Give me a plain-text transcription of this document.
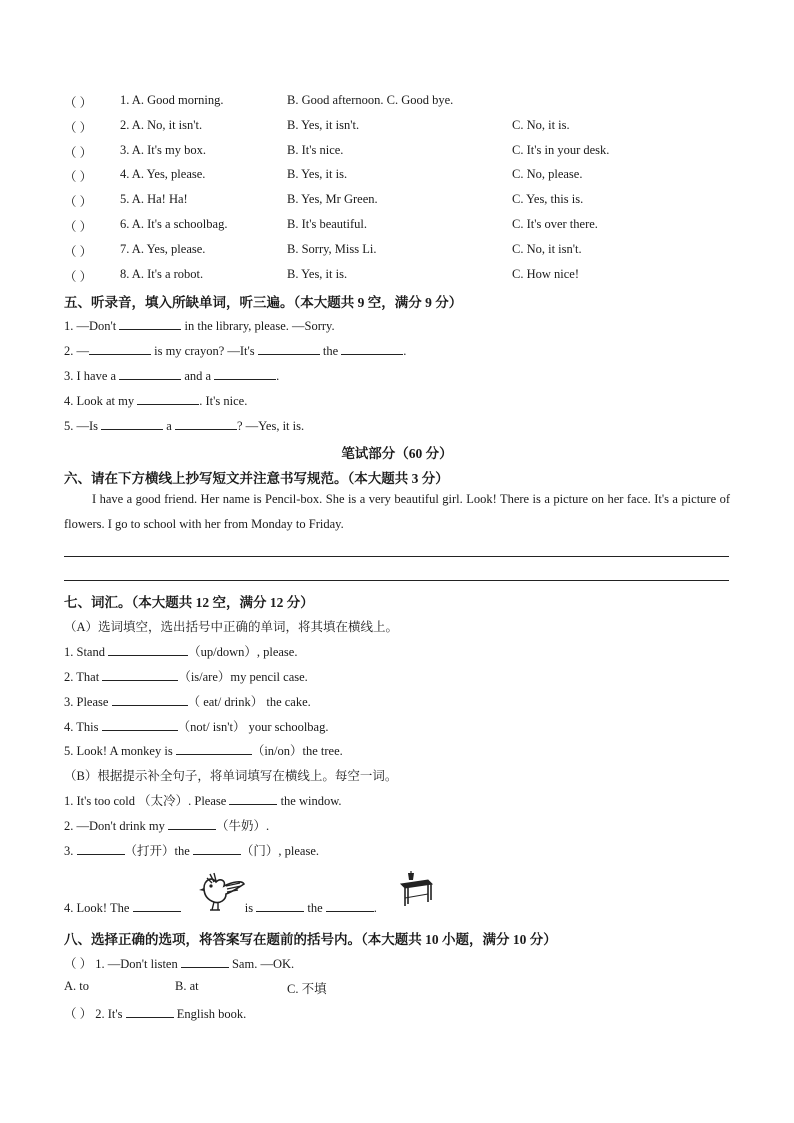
（ ） 1. A. Good morning.	B. Good afternoon. C. Good bye.
（ ） 2. A. No, it isn't.	B. Yes, it isn't.	C. No, it is.
（ ） 3. A. It's my box.	B. It's nice.	C. It's in your desk.
（ ） 4. A. Yes, please.	B. Yes, it is.	C. No, please.
（ ） 5. A. Ha! Ha!	B. Yes, Mr Green.	C. Yes, this is.
（ ） 6. A. It's a schoolbag.	B. It's beautiful.	C. It's over there.
（ ） 7. A. Yes, please.	B. Sorry, Miss Li.	C. No, it isn't.
（ ） 8. A. It's a robot.	B. Yes, it is.	C. How nice!
五、听录音，填入所缺单词，听三遍。（本大题共 9 空，满分 9 分）
1. —Don't	in the library, please. —Sorry.
2. —	is my crayon? —It's	the	.
3. I have a	and a	.
4. Look at my	. It's nice.
5. —Is	a	? —Yes, it is.
笔试部分（60 分）
六、请在下方横线上抄写短文并注意书写规范。（本大题共 3 分）
I have a good friend. Her name is Pencil-box. She is a very beautiful girl. Look! There is a picture on her face. It's a picture of flowers. I go to school with her from Monday to Friday.
七、词汇。（本大题共 12 空，满分 12 分）
（A）选词填空，选出括号中正确的单词，将其填在横线上。
1. Stand	（up/down）, please.
2. That	（is/are）my pencil case.
3. Please	（ eat/ drink） the cake.
4. This	（not/ isn't） your schoolbag.
5. Look! A monkey is	（in/on）the tree.
（B）根据提示补全句子，将单词填写在横线上。每空一词。
1. It's too cold （太冷）. Please	the window.
2. —Don't drink my	（牛奶）.
3.	（打开）the	（门）, please.
4. Look! The	is	the	.
八、选择正确的选项，将答案写在题前的括号内。（本大题共 10 小题，满分 10 分）
（ ） 1. —Don't listen	Sam. —OK.
A. to	B. at	C. 不填
（ ） 2. It's	English book.
